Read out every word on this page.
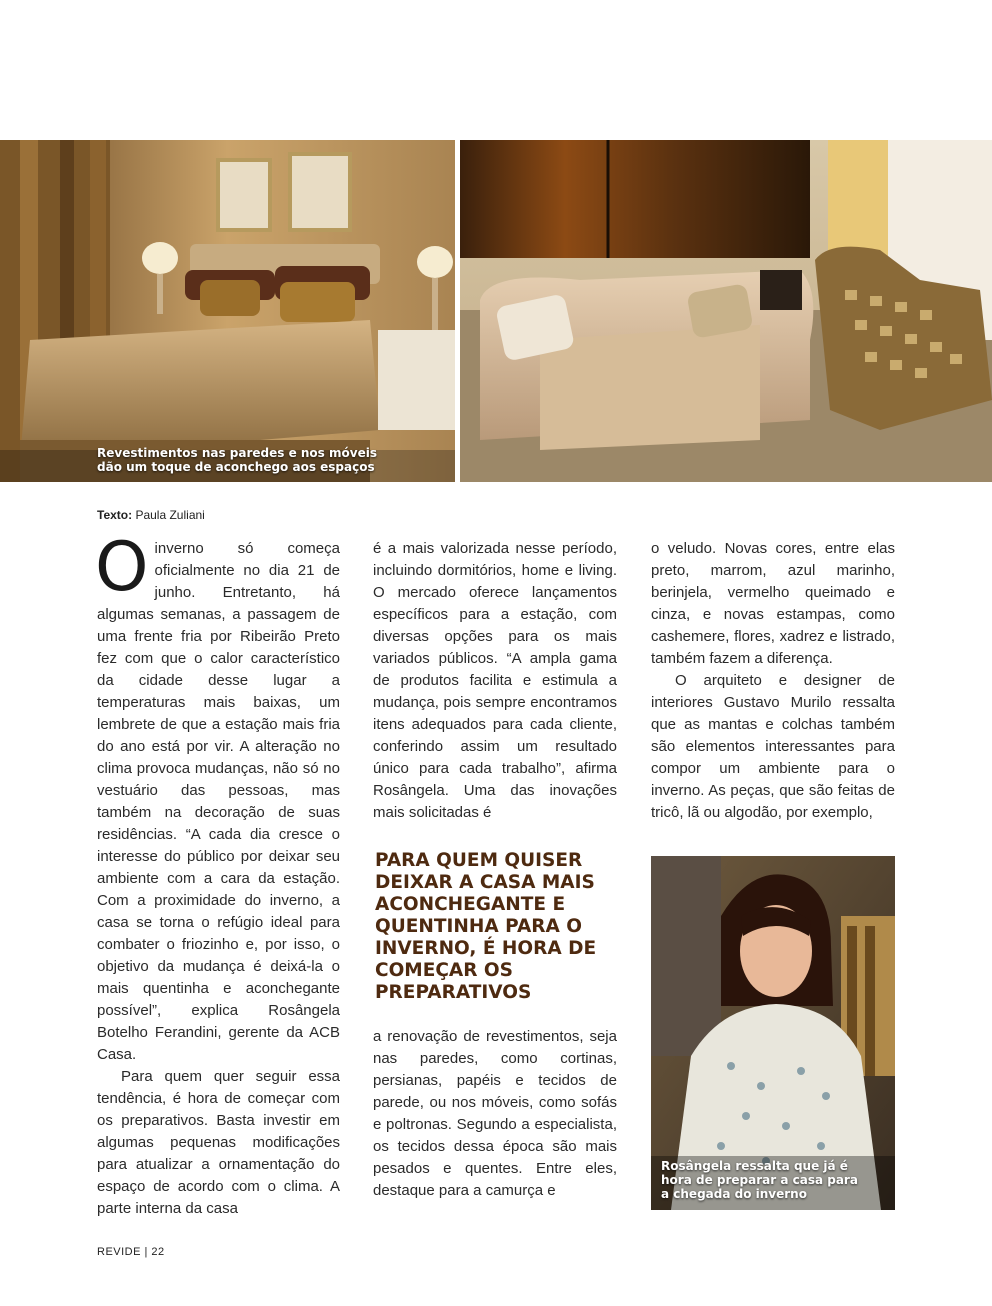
Revestimentos nas paredes e nos móveis
dão um toque de aconchego aos espaços
Texto: Paula Zuliani

O inverno só começa oficialmente no dia 21 de junho. Entretanto, há algumas semanas, a passagem de uma frente fria por Ribeirão Preto fez com que o calor característico da cidade desse lugar a temperaturas mais baixas, um lembrete de que a estação mais fria do ano está por vir. A alteração no clima provoca mudanças, não só no vestuário das pessoas, mas também na decoração de suas residências. “A cada dia cresce o interesse do público por deixar seu ambiente com a cara da estação. Com a proximidade do inverno, a casa se torna o refúgio ideal para combater o friozinho e, por isso, o objetivo da mudança é deixá-la o mais quentinha e aconchegante possível”, explica Rosângela Botelho Ferandini, gerente da ACB Casa.

Para quem quer seguir essa tendência, é hora de começar com os preparativos. Basta investir em algumas pequenas modificações para atualizar a ornamentação do espaço de acordo com o clima. A parte interna da casa

é a mais valorizada nesse período, incluindo dormitórios, home e living. O mercado oferece lançamentos específicos para a estação, com diversas opções para os mais variados públicos. “A ampla gama de produtos facilita e estimula a mudança, pois sempre encontramos itens adequados para cada cliente, conferindo assim um resultado único para cada trabalho”, afirma Rosângela. Uma das inovações mais solicitadas é

PARA QUEM QUISER DEIXAR A CASA MAIS ACONCHEGANTE E QUENTINHA PARA O INVERNO, É HORA DE COMEÇAR OS PREPARATIVOS

a renovação de revestimentos, seja nas paredes, como cortinas, persianas, papéis e tecidos de parede, ou nos móveis, como sofás e poltronas. Segundo a especialista, os tecidos dessa época são mais pesados e quentes. Entre eles, destaque para a camurça e

o veludo. Novas cores, entre elas preto, marrom, azul marinho, berinjela, vermelho queimado e cinza, e novas estampas, como cashemere, flores, xadrez e listrado, também fazem a diferença.

O arquiteto e designer de interiores Gustavo Murilo ressalta que as mantas e colchas também são elementos interessantes para compor um ambiente para o inverno. As peças, que são feitas de tricô, lã ou algodão, por exemplo,

Rosângela ressalta que já é
hora de preparar a casa para
a chegada do inverno
REVIDE | 22
